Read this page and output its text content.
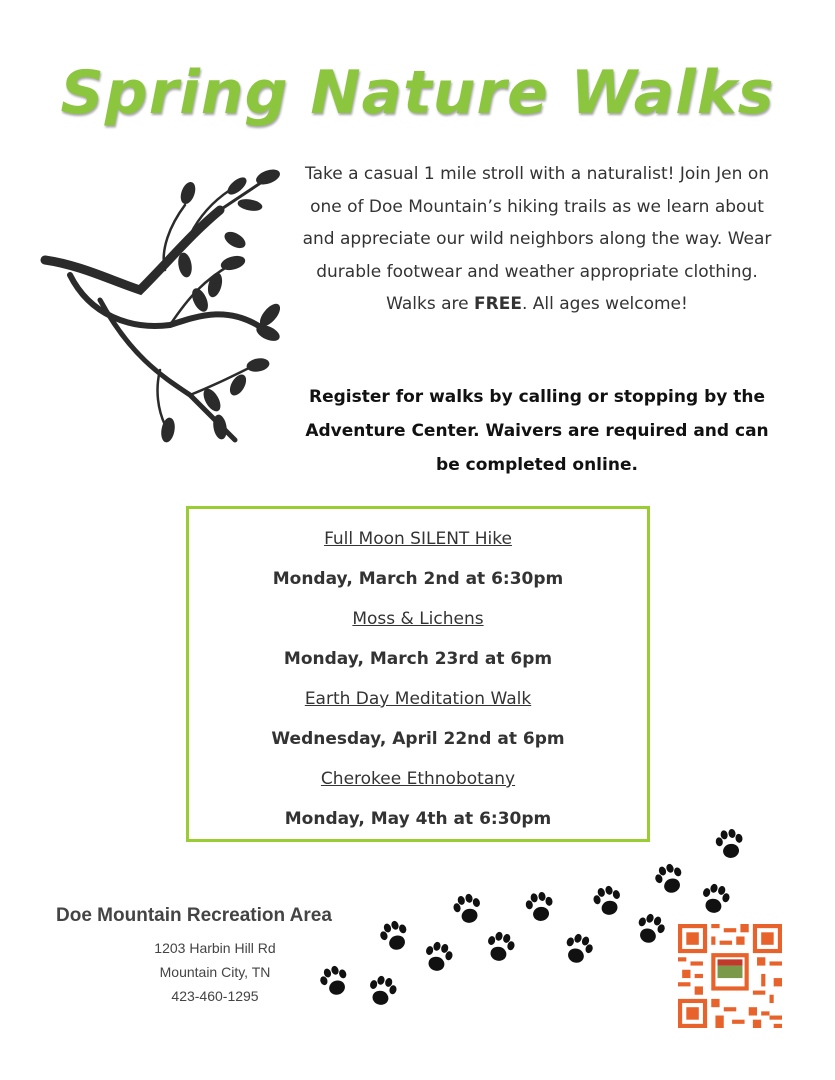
Spring Nature Walks
Take a casual 1 mile stroll with a naturalist! Join Jen on one of Doe Mountain’s hiking trails as we learn about and appreciate our wild neighbors along the way. Wear durable footwear and weather appropriate clothing. Walks are FREE. All ages welcome!
Register for walks by calling or stopping by the Adventure Center. Waivers are required and can be completed online.
Full Moon SILENT Hike
Monday, March 2nd at 6:30pm
Moss & Lichens
Monday, March 23rd at 6pm
Earth Day Meditation Walk
Wednesday, April 22nd at 6pm
Cherokee Ethnobotany
Monday, May 4th at 6:30pm
Doe Mountain Recreation Area
1203 Harbin Hill Rd
Mountain City, TN
423-460-1295
